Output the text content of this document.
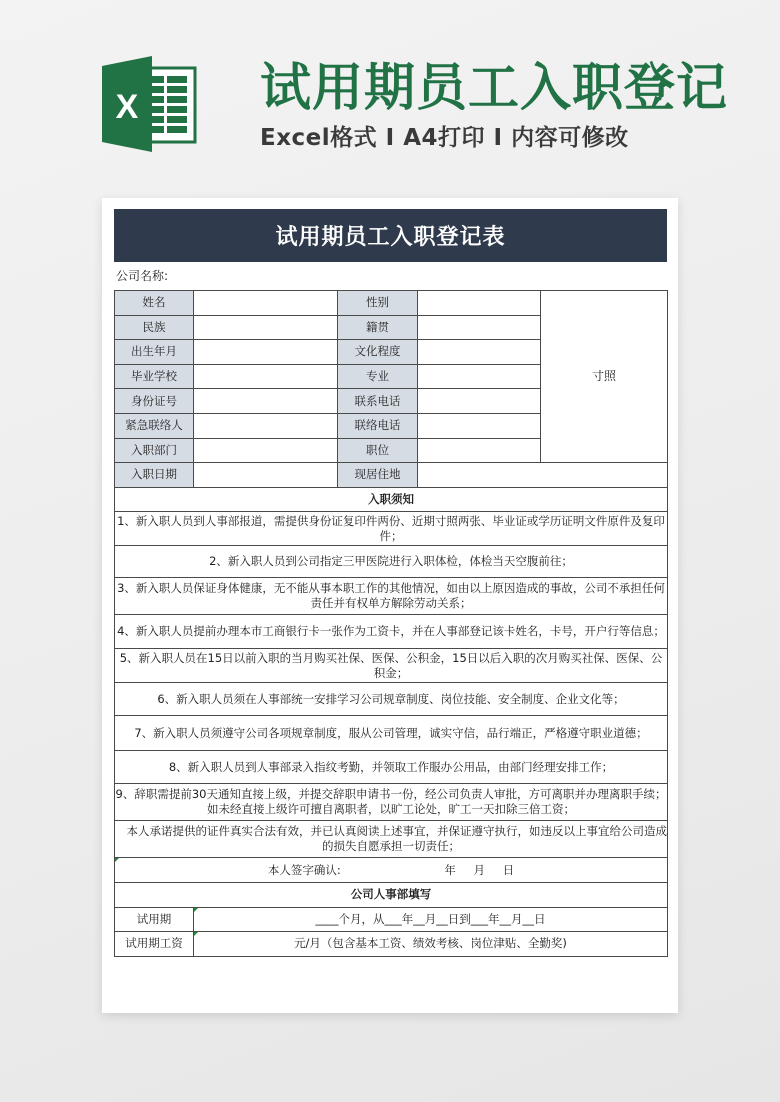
X 试用期员工入职登记
Excel格式 I A4打印 I 内容可修改
试用期员工入职登记表
公司名称:
姓名		性别		寸照
民族		籍贯		
出生年月		文化程度		
毕业学校		专业		
身份证号		联系电话		
紧急联络人		联络电话		
入职部门		职位		
入职日期		现居住地		
入职须知				
1、新入职人员到人事部报道，需提供身份证复印件两份、近期寸照两张、毕业证或学历证明文件原件及复印件；				
2、新入职人员到公司指定三甲医院进行入职体检，体检当天空腹前往；				
3、新入职人员保证身体健康，无不能从事本职工作的其他情况，如由以上原因造成的事故，公司不承担任何责任并有权单方解除劳动关系；				
4、新入职人员提前办理本市工商银行卡一张作为工资卡，并在人事部登记该卡姓名，卡号，开户行等信息；				
5、新入职人员在15日以前入职的当月购买社保、医保、公积金，15日以后入职的次月购买社保、医保、公积金；				
6、新入职人员须在人事部统一安排学习公司规章制度、岗位技能、安全制度、企业文化等；				
7、新入职人员须遵守公司各项规章制度，服从公司管理，诚实守信，品行端正，严格遵守职业道德；				
8、新入职人员到人事部录入指纹考勤，并领取工作服办公用品，由部门经理安排工作；				
9、辞职需提前30天通知直接上级，并提交辞职申请书一份，经公司负责人审批，方可离职并办理离职手续；如未经直接上级许可擅自离职者，以旷工论处，旷工一天扣除三倍工资；				
　本人承诺提供的证件真实合法有效，并已认真阅读上述事宜，并保证遵守执行，如违反以上事宜给公司造成的损失自愿承担一切责任；				
本人签字确认: 年 月 日				
公司人事部填写				
试用期	____个月，从___年__月__日到___年__月__日			
试用期工资	元/月（包含基本工资、绩效考核、岗位津贴、全勤奖)			
